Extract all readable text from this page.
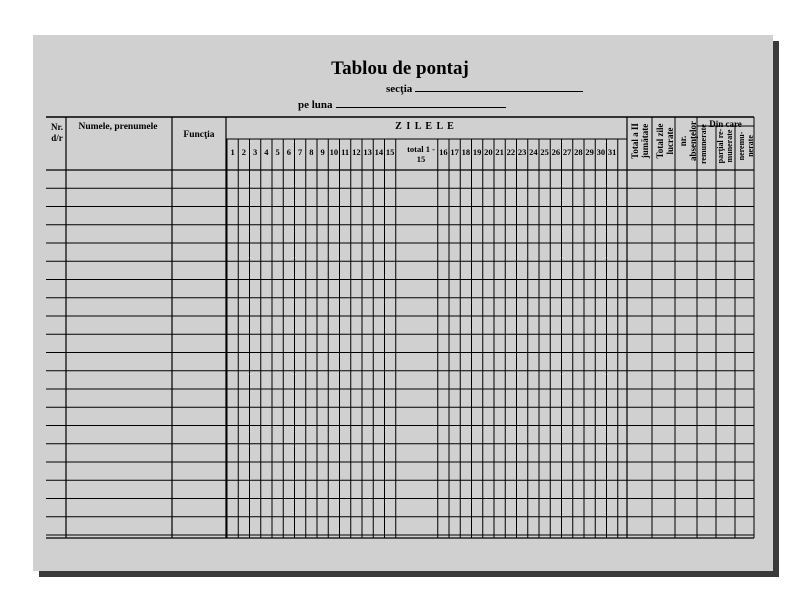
Tablou de pontaj
secţia
pe luna
Nr. d/r
Numele, prenumele
Funcţia
Z I L E L E
total 1 - 15
Total a II jumătate Total zile lucrate nr. absenţelor	Din care
remunerate parţial re-munerate neremu-nerate
1 2 3 4 5 6 7 8 9 10 11 12 13 14 15	16 17 18 19 20 21 22 23 24 25 26 27 28 29 30 31
